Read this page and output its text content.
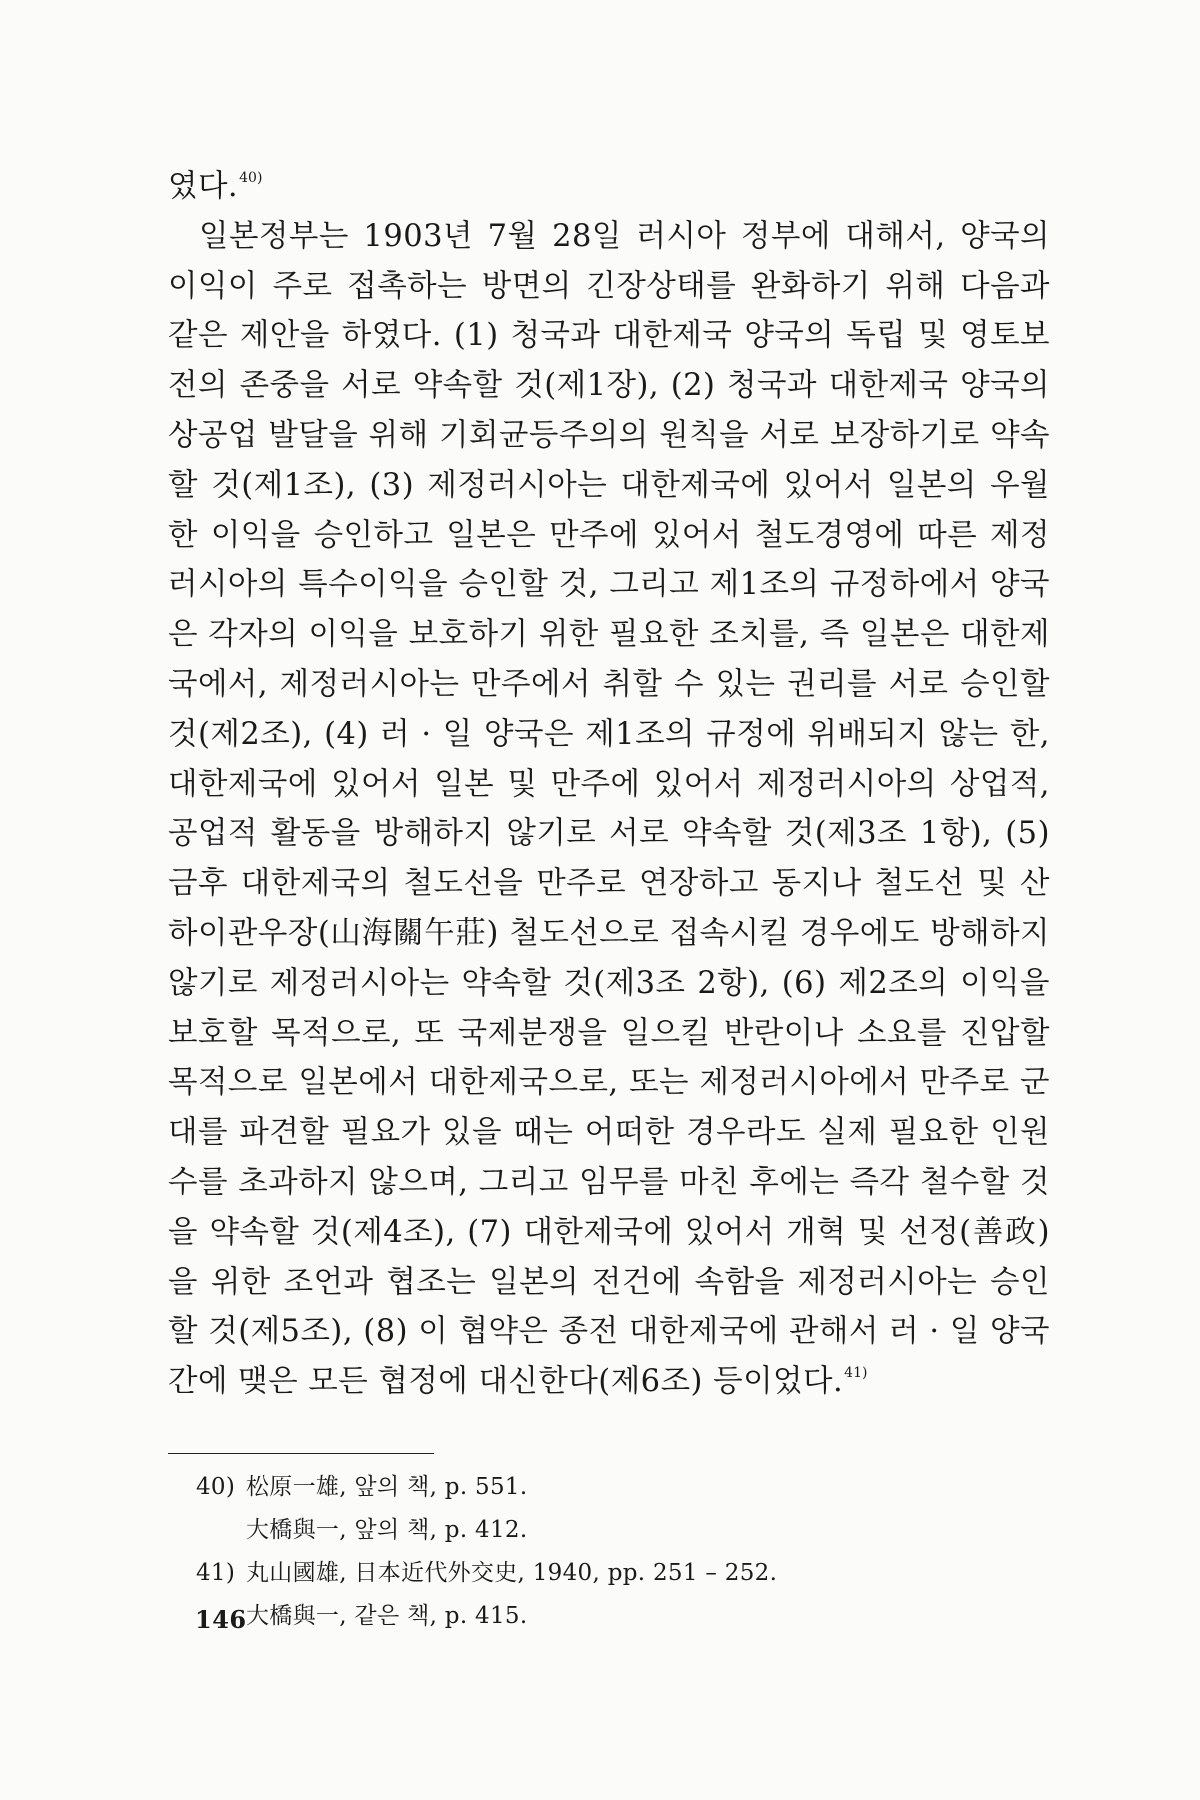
였다.$^{40)}$

일본정부는 1903년 7월 28일 러시아 정부에 대해서, 양국의 이익이 주로 접촉하는 방면의 긴장상태를 완화하기 위해 다음과 같은 제안을 하였다. (1) 청국과 대한제국 양국의 독립 및 영토보전의 존중을 서로 약속할 것(제1장), (2) 청국과 대한제국 양국의 상공업 발달을 위해 기회균등주의의 원칙을 서로 보장하기로 약속할 것(제1조), (3) 제정러시아는 대한제국에 있어서 일본의 우월한 이익을 승인하고 일본은 만주에 있어서 철도경영에 따른 제정러시아의 특수이익을 승인할 것, 그리고 제1조의 규정하에서 양국은 각자의 이익을 보호하기 위한 필요한 조치를, 즉 일본은 대한제국에서, 제정러시아는 만주에서 취할 수 있는 권리를 서로 승인할 것(제2조), (4) 러 · 일 양국은 제1조의 규정에 위배되지 않는 한, 대한제국에 있어서 일본 및 만주에 있어서 제정러시아의 상업적, 공업적 활동을 방해하지 않기로 서로 약속할 것(제3조 1항), (5) 금후 대한제국의 철도선을 만주로 연장하고 동지나 철도선 및 산하이관우장(山海關午莊) 철도선으로 접속시킬 경우에도 방해하지 않기로 제정러시아는 약속할 것(제3조 2항), (6) 제2조의 이익을 보호할 목적으로, 또 국제분쟁을 일으킬 반란이나 소요를 진압할 목적으로 일본에서 대한제국으로, 또는 제정러시아에서 만주로 군대를 파견할 필요가 있을 때는 어떠한 경우라도 실제 필요한 인원수를 초과하지 않으며, 그리고 임무를 마친 후에는 즉각 철수할 것을 약속할 것(제4조), (7) 대한제국에 있어서 개혁 및 선정(善政)을 위한 조언과 협조는 일본의 전건에 속함을 제정러시아는 승인할 것(제5조), (8) 이 협약은 종전 대한제국에 관해서 러 · 일 양국간에 맺은 모든 협정에 대신한다(제6조) 등이었다.$^{41)}$

40) 松原一雄, 앞의 책, p. 551.
大橋與一, 앞의 책, p. 412.
41) 丸山國雄, 日本近代外交史, 1940, pp. 251 – 252.
大橋與一, 같은 책, p. 415.
146
